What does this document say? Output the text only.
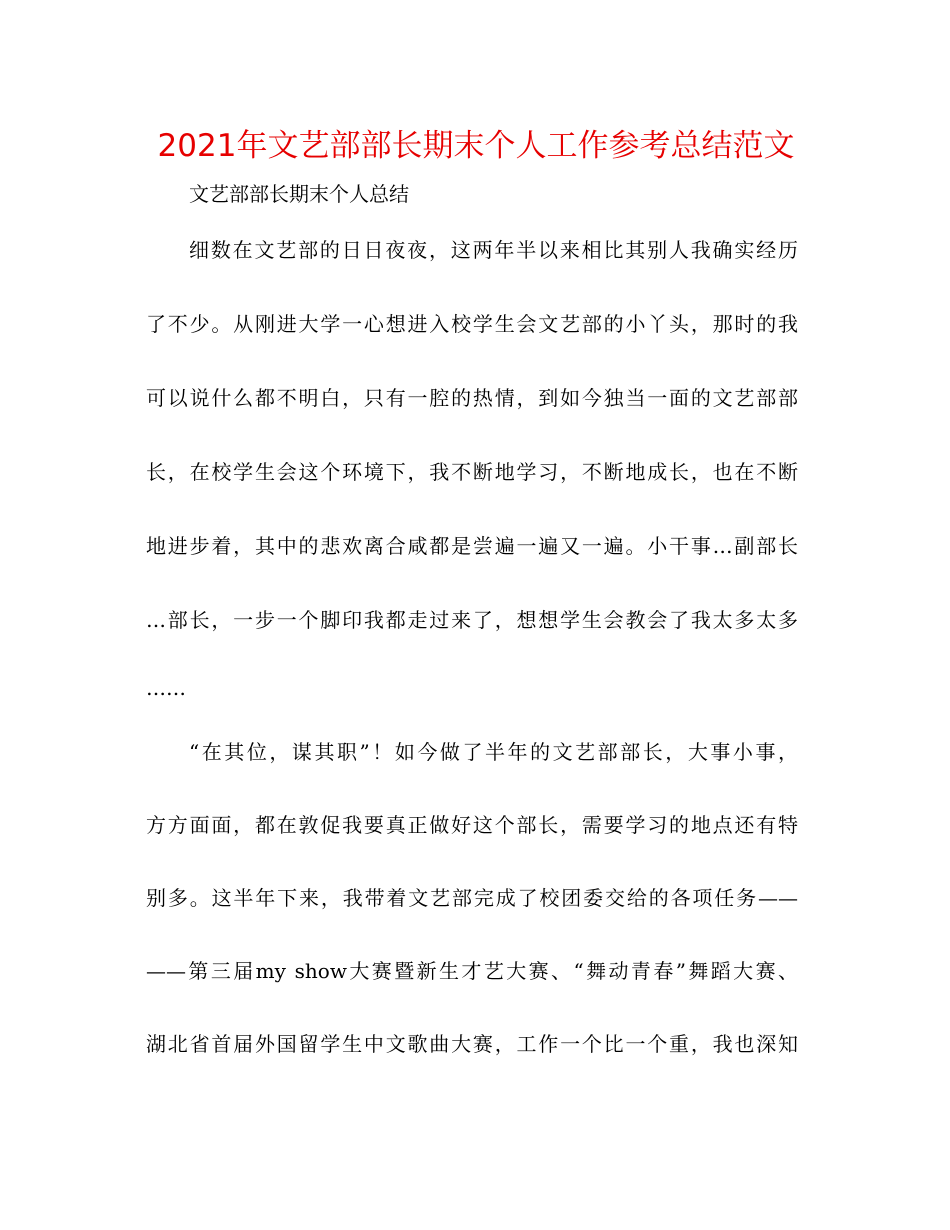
2021年文艺部部长期末个人工作参考总结范文
文艺部部长期末个人总结
细数在文艺部的日日夜夜，这两年半以来相比其别人我确实经历
了不少。从刚进大学一心想进入校学生会文艺部的小丫头，那时的我
可以说什么都不明白，只有一腔的热情，到如今独当一面的文艺部部
长，在校学生会这个环境下，我不断地学习，不断地成长，也在不断
地进步着，其中的悲欢离合咸都是尝遍一遍又一遍。小干事…副部长
…部长，一步一个脚印我都走过来了，想想学生会教会了我太多太多
……
“在其位，谋其职”！如今做了半年的文艺部部长，大事小事，
方方面面，都在敦促我要真正做好这个部长，需要学习的地点还有特
别多。这半年下来，我带着文艺部完成了校团委交给的各项任务——
——第三届my show大赛暨新生才艺大赛、“舞动青春”舞蹈大赛、
湖北省首届外国留学生中文歌曲大赛，工作一个比一个重，我也深知
